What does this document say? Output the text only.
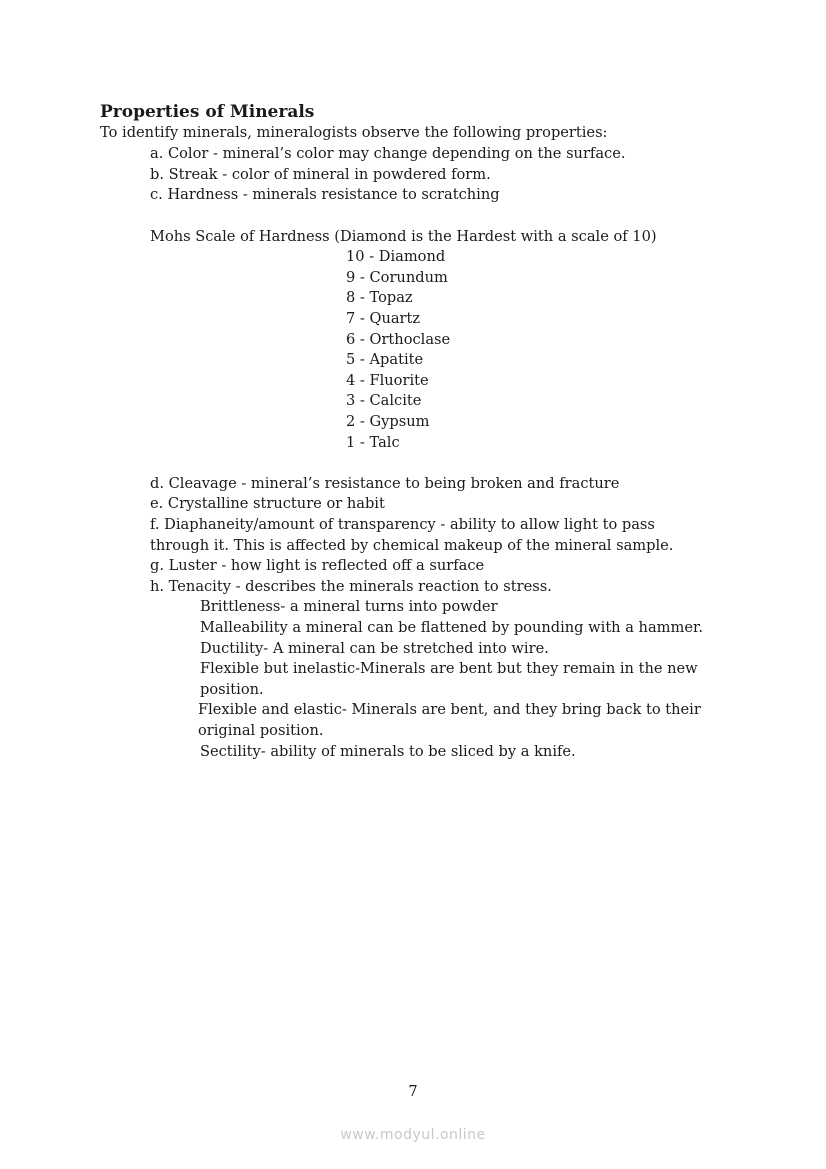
Properties of Minerals
To identify minerals, mineralogists observe the following properties:
a. Color - mineral’s color may change depending on the surface.
b. Streak - color of mineral in powdered form.
c. Hardness - minerals resistance to scratching
Mohs Scale of Hardness (Diamond is the Hardest with a scale of 10)
10 - Diamond
9 - Corundum
8 - Topaz
7 - Quartz
6 - Orthoclase
5 - Apatite
4 - Fluorite
3 - Calcite
2 - Gypsum
1 - Talc
d. Cleavage - mineral’s resistance to being broken and fracture
e. Crystalline structure or habit
f. Diaphaneity/amount of transparency - ability to allow light to pass
through it. This is affected by chemical makeup of the mineral sample.
g. Luster - how light is reflected off a surface
h. Tenacity - describes the minerals reaction to stress.
Brittleness- a mineral turns into powder
Malleability a mineral can be flattened by pounding with a hammer.
Ductility- A mineral can be stretched into wire.
Flexible but inelastic-Minerals are bent but they remain in the new
position.
Flexible and elastic- Minerals are bent, and they bring back to their
original position.
Sectility- ability of minerals to be sliced by a knife.
7
www.modyul.online
